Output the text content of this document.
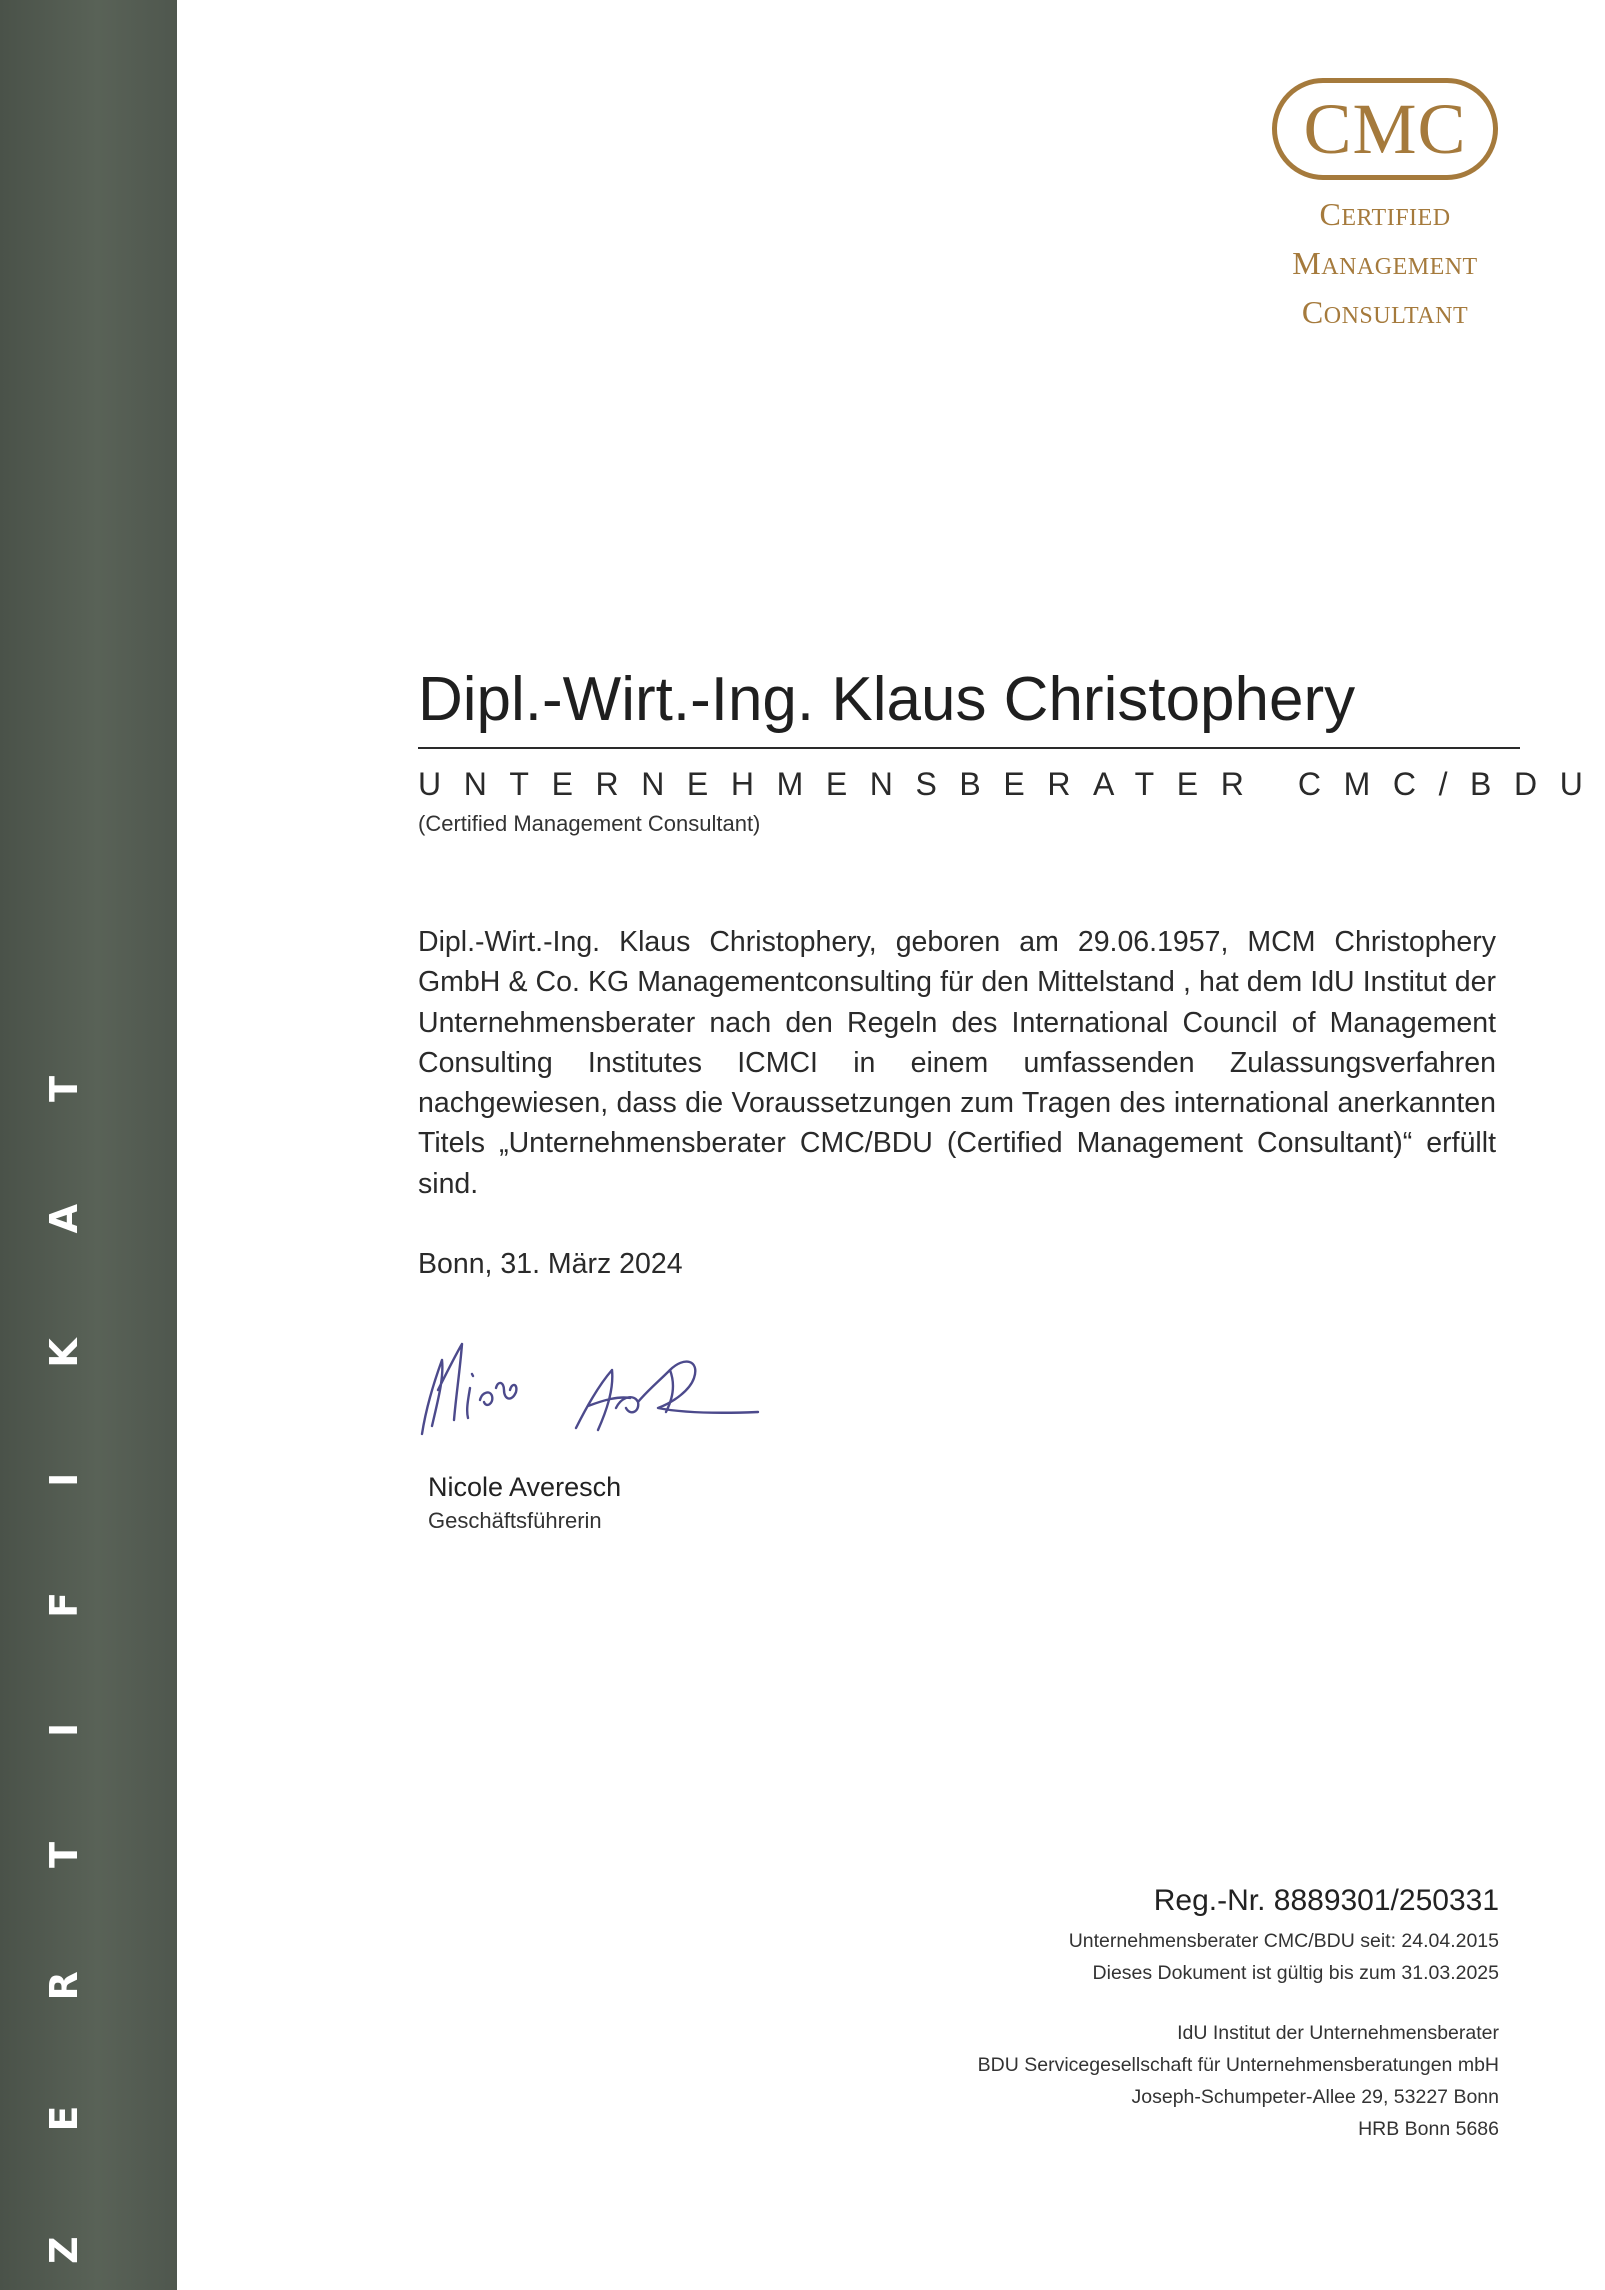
ZERTIFIKAT
CMC
CERTIFIED
MANAGEMENT
CONSULTANT
Dipl.-Wirt.-Ing. Klaus Christophery
UNTERNEHMENSBERATER CMC/BDU
(Certified Management Consultant)
Dipl.-Wirt.-Ing. Klaus Christophery, geboren am 29.06.1957, MCM Christophery GmbH & Co. KG Managementconsulting für den Mittelstand , hat dem IdU Institut der Unternehmensberater nach den Regeln des International Council of Management Consulting Institutes ICMCI in einem umfassenden Zulassungsverfahren nachgewiesen, dass die Voraussetzungen zum Tragen des international anerkannten Titels „Unternehmensberater CMC/BDU (Certified Management Consultant)“ erfüllt sind.
Bonn, 31. März 2024
Nicole Averesch
Geschäftsführerin
Reg.-Nr. 8889301/250331
Unternehmensberater CMC/BDU seit: 24.04.2015
Dieses Dokument ist gültig bis zum 31.03.2025
IdU Institut der Unternehmensberater
BDU Servicegesellschaft für Unternehmensberatungen mbH
Joseph-Schumpeter-Allee 29, 53227 Bonn
HRB Bonn 5686
